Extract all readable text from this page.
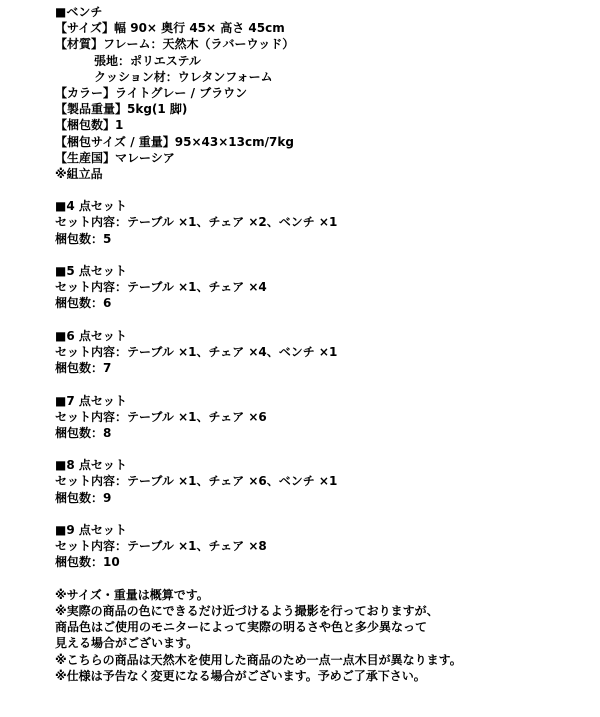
■ベンチ
【サイズ】幅 90× 奥行 45× 高さ 45cm
【材質】フレーム：天然木（ラバーウッド）
張地：ポリエステル
クッション材：ウレタンフォーム
【カラー】ライトグレー / ブラウン
【製品重量】5kg(1 脚)
【梱包数】1
【梱包サイズ / 重量】95×43×13cm/7kg
【生産国】マレーシア
※組立品
■4 点セット
セット内容：テーブル ×1、チェア ×2、ベンチ ×1
梱包数：5
■5 点セット
セット内容：テーブル ×1、チェア ×4
梱包数：6
■6 点セット
セット内容：テーブル ×1、チェア ×4、ベンチ ×1
梱包数：7
■7 点セット
セット内容：テーブル ×1、チェア ×6
梱包数：8
■8 点セット
セット内容：テーブル ×1、チェア ×6、ベンチ ×1
梱包数：9
■9 点セット
セット内容：テーブル ×1、チェア ×8
梱包数：10
※サイズ・重量は概算です。
※実際の商品の色にできるだけ近づけるよう撮影を行っておりますが、
商品色はご使用のモニターによって実際の明るさや色と多少異なって
見える場合がございます。
※こちらの商品は天然木を使用した商品のため一点一点木目が異なります。
※仕様は予告なく変更になる場合がございます。予めご了承下さい。
